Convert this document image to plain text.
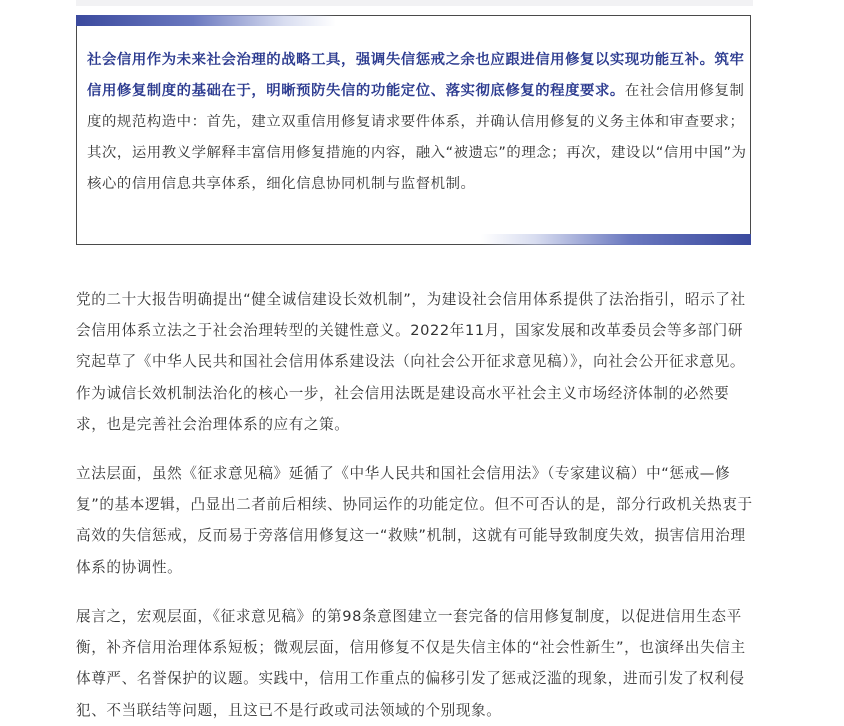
社会信用作为未来社会治理的战略工具，强调失信惩戒之余也应跟进信用修复以实现功能互补。筑牢信用修复制度的基础在于，明晰预防失信的功能定位、落实彻底修复的程度要求。在社会信用修复制度的规范构造中：首先，建立双重信用修复请求要件体系，并确认信用修复的义务主体和审查要求；其次，运用教义学解释丰富信用修复措施的内容，融入“被遗忘”的理念；再次，建设以“信用中国”为核心的信用信息共享体系，细化信息协同机制与监督机制。

党的二十大报告明确提出“健全诚信建设长效机制”，为建设社会信用体系提供了法治指引，昭示了社会信用体系立法之于社会治理转型的关键性意义。2022年11月，国家发展和改革委员会等多部门研究起草了《中华人民共和国社会信用体系建设法（向社会公开征求意见稿）》，向社会公开征求意见。作为诚信长效机制法治化的核心一步，社会信用法既是建设高水平社会主义市场经济体制的必然要求，也是完善社会治理体系的应有之策。

立法层面，虽然《征求意见稿》延循了《中华人民共和国社会信用法》（专家建议稿）中“惩戒—修复”的基本逻辑，凸显出二者前后相续、协同运作的功能定位。但不可否认的是，部分行政机关热衷于高效的失信惩戒，反而易于旁落信用修复这一“救赎”机制，这就有可能导致制度失效，损害信用治理体系的协调性。

展言之，宏观层面，《征求意见稿》的第98条意图建立一套完备的信用修复制度，以促进信用生态平衡，补齐信用治理体系短板；微观层面，信用修复不仅是失信主体的“社会性新生”，也演绎出失信主体尊严、名誉保护的议题。实践中，信用工作重点的偏移引发了惩戒泛滥的现象，进而引发了权利侵犯、不当联结等问题，且这已不是行政或司法领域的个别现象。
